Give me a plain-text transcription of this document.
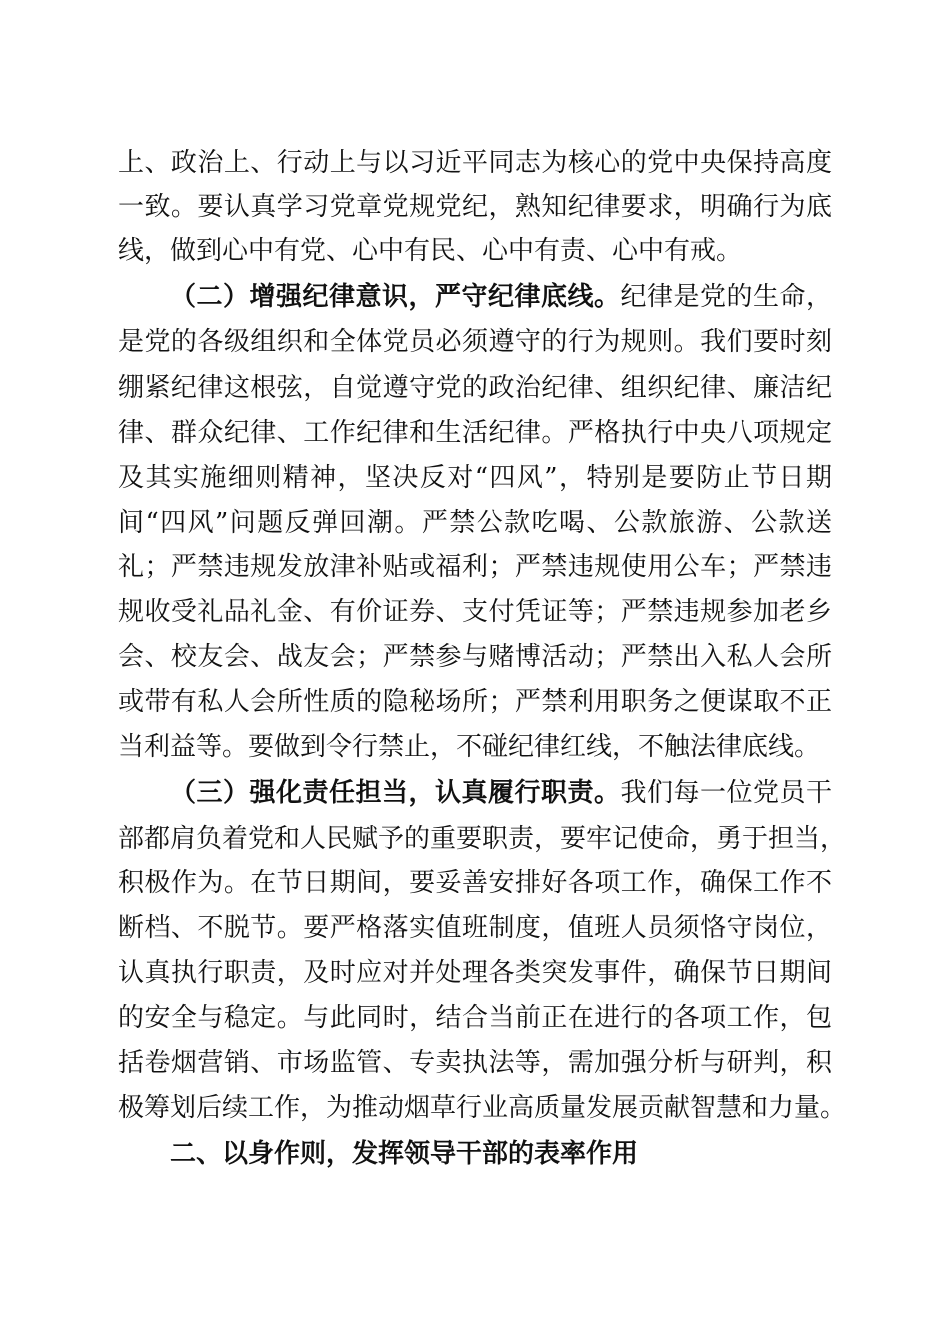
上、政治上、行动上与以习近平同志为核心的党中央保持高度
一致。要认真学习党章党规党纪，熟知纪律要求，明确行为底
线，做到心中有党、心中有民、心中有责、心中有戒。
（二）增强纪律意识，严守纪律底线。纪律是党的生命，
是党的各级组织和全体党员必须遵守的行为规则。我们要时刻
绷紧纪律这根弦，自觉遵守党的政治纪律、组织纪律、廉洁纪
律、群众纪律、工作纪律和生活纪律。严格执行中央八项规定
及其实施细则精神，坚决反对“四风”，特别是要防止节日期
间“四风”问题反弹回潮。严禁公款吃喝、公款旅游、公款送
礼；严禁违规发放津补贴或福利；严禁违规使用公车；严禁违
规收受礼品礼金、有价证券、支付凭证等；严禁违规参加老乡
会、校友会、战友会；严禁参与赌博活动；严禁出入私人会所
或带有私人会所性质的隐秘场所；严禁利用职务之便谋取不正
当利益等。要做到令行禁止，不碰纪律红线，不触法律底线。
（三）强化责任担当，认真履行职责。我们每一位党员干
部都肩负着党和人民赋予的重要职责，要牢记使命，勇于担当，
积极作为。在节日期间，要妥善安排好各项工作，确保工作不
断档、不脱节。要严格落实值班制度，值班人员须恪守岗位，
认真执行职责，及时应对并处理各类突发事件，确保节日期间
的安全与稳定。与此同时，结合当前正在进行的各项工作，包
括卷烟营销、市场监管、专卖执法等，需加强分析与研判，积
极筹划后续工作，为推动烟草行业高质量发展贡献智慧和力量。
二、以身作则，发挥领导干部的表率作用
